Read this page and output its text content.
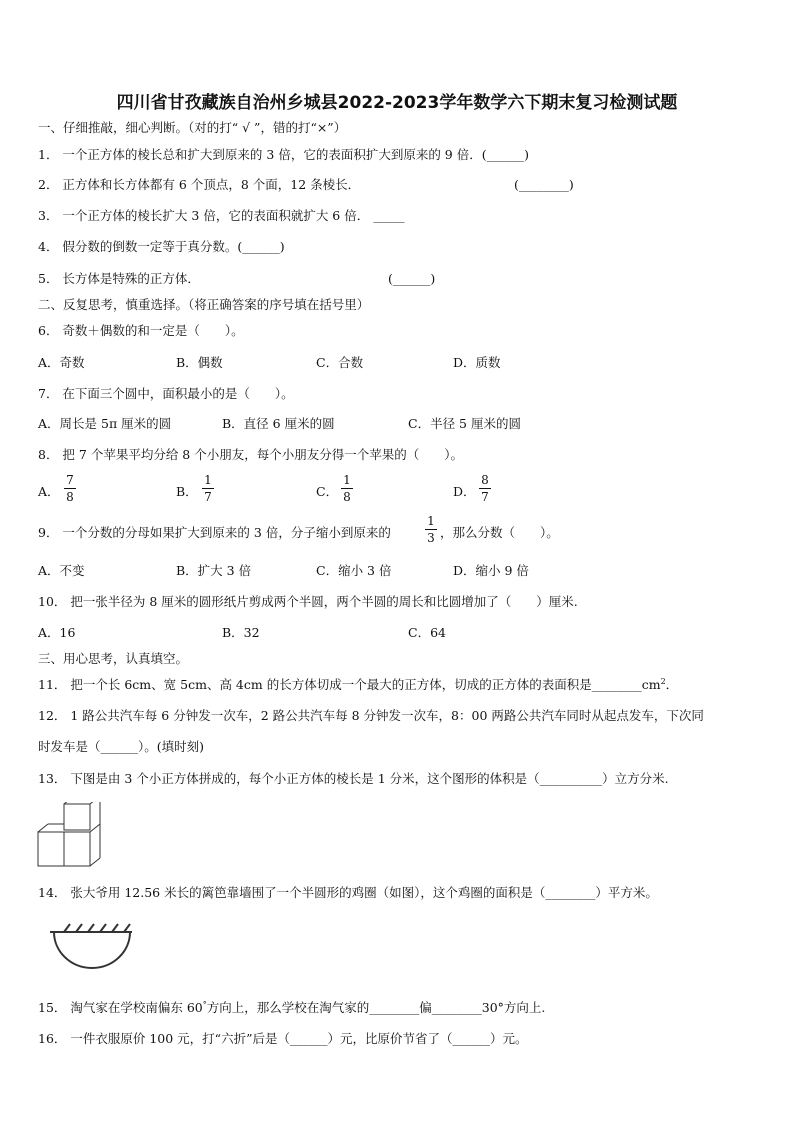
四川省甘孜藏族自治州乡城县2022-2023学年数学六下期末复习检测试题
一、仔细推敲，细心判断。（对的打“ √ ”，错的打“×”）
1． 一个正方体的棱长总和扩大到原来的 3 倍，它的表面积扩大到原来的 9 倍．(______)
2． 正方体和长方体都有 6 个顶点，8 个面，12 条棱长．	(________)
3． 一个正方体的棱长扩大 3 倍，它的表面积就扩大 6 倍． _____
4． 假分数的倒数一定等于真分数。(______)
5． 长方体是特殊的正方体．	(______)
二、反复思考，慎重选择。（将正确答案的序号填在括号里）
6． 奇数＋偶数的和一定是（　　）。
A．奇数	B．偶数	C．合数	D．质数
7． 在下面三个圆中，面积最小的是（　　）。
A．周长是 5π 厘米的圆	B．直径 6 厘米的圆	C．半径 5 厘米的圆
8． 把 7 个苹果平均分给 8 个小朋友，每个小朋友分得一个苹果的（　　）。
A．
7
8	B．
1
7	C．
1
8	D．
8
7
9． 一个分数的分母如果扩大到原来的 3 倍，分子缩小到原来的
1
3 ，那么分数（　　）。
A．不变	B．扩大 3 倍	C．缩小 3 倍	D．缩小 9 倍
10． 把一张半径为 8 厘米的圆形纸片剪成两个半圆，两个半圆的周长和比圆增加了（　　）厘米.
A．16	B．32	C．64
三、用心思考，认真填空。
11． 把一个长 6cm、宽 5cm、高 4cm 的长方体切成一个最大的正方体，切成的正方体的表面积是$\_\_\_\_\_\_\_\_cm^2$．
12． 1 路公共汽车每 6 分钟发一次车，2 路公共汽车每 8 分钟发一次车，8：00 两路公共汽车同时从起点发车，下次同
时发车是（______）。(填时刻)
13． 下图是由 3 个小正方体拼成的，每个小正方体的棱长是 1 分米，这个图形的体积是（__________）立方分米.
14． 张大爷用 12.56 米长的篱笆靠墙围了一个半圆形的鸡圈（如图），这个鸡圈的面积是（________）平方米。
15． 淘气家在学校南偏东 60°方向上，那么学校在淘气家的________偏________30°方向上.
16． 一件衣服原价 100 元，打“六折”后是（______）元，比原价节省了（______）元。
